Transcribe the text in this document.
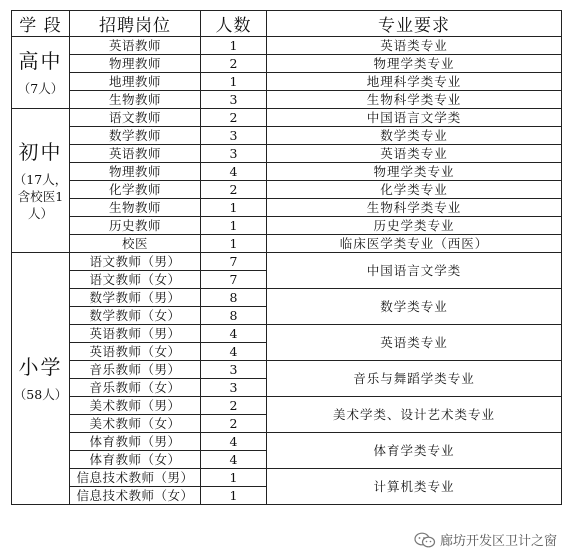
学 段	招聘岗位	人数	专业要求

高中
（7人）	英语教师	1	英语类专业
	物理教师	2	物理学类专业
	地理教师	1	地理科学类专业
	生物教师	3	生物科学类专业

初中
（17人，含校医1人）	语文教师	2	中国语言文学类
	数学教师	3	数学类专业
	英语教师	3	英语类专业
	物理教师	4	物理学类专业
	化学教师	2	化学类专业
	生物教师	1	生物科学类专业
	历史教师	1	历史学类专业
	校医	1	临床医学类专业（西医）

小学
（58人）	语文教师（男）	7	中国语言文学类
	语文教师（女）	7	
	数学教师（男）	8	数学类专业
	数学教师（女）	8	
	英语教师（男）	4	英语类专业
	英语教师（女）	4	
	音乐教师（男）	3	音乐与舞蹈学类专业
	音乐教师（女）	3	
	美术教师（男）	2	美术学类、设计艺术类专业
	美术教师（女）	2	
	体育教师（男）	4	体育学类专业
	体育教师（女）	4	
	信息技术教师（男）	1	计算机类专业
	信息技术教师（女）	1	
廊坊开发区卫计之窗
